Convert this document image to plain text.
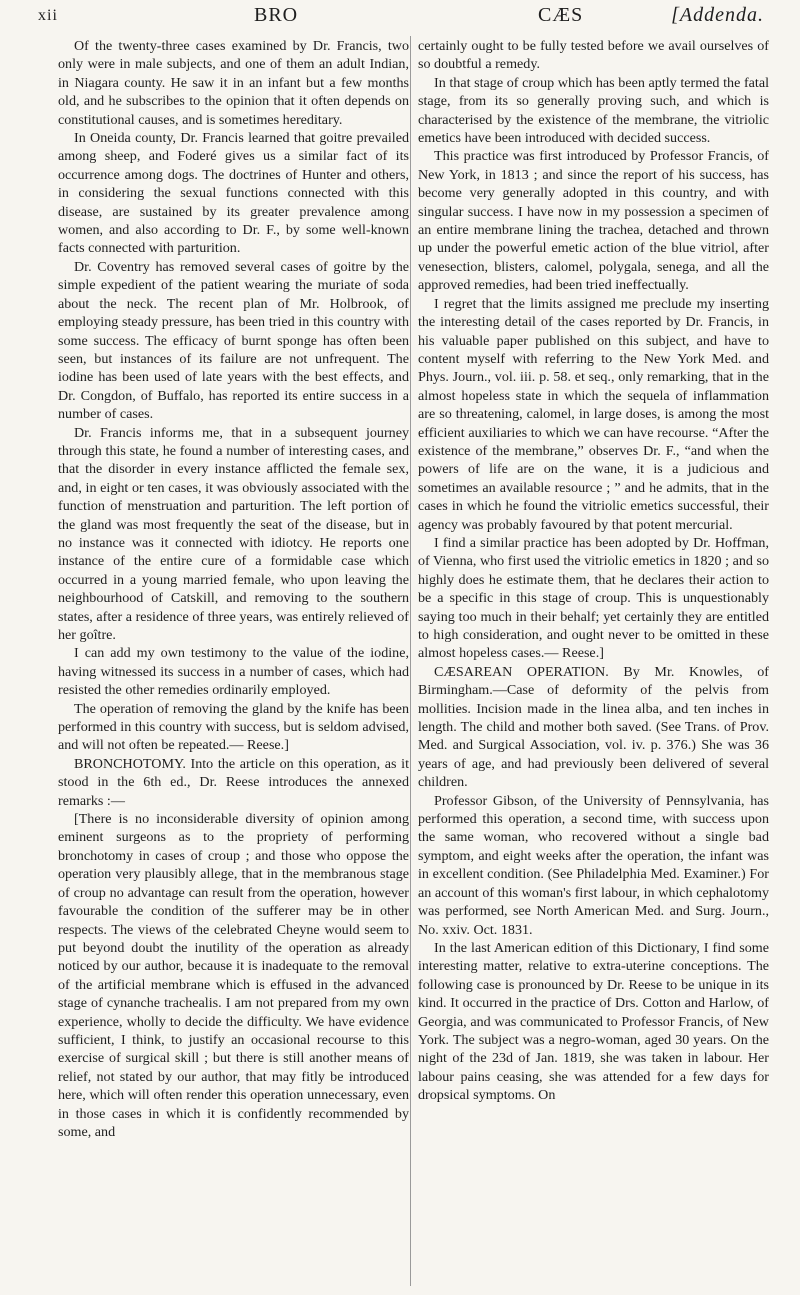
xii	BRO	CÆS	[Addenda.

Of the twenty-three cases examined by Dr. Francis, two only were in male subjects, and one of them an adult Indian, in Niagara county. He saw it in an infant but a few months old, and he subscribes to the opinion that it often depends on constitutional causes, and is sometimes hereditary.

In Oneida county, Dr. Francis learned that goitre prevailed among sheep, and Foderé gives us a similar fact of its occurrence among dogs. The doctrines of Hunter and others, in considering the sexual functions connected with this disease, are sustained by its greater prevalence among women, and also according to Dr. F., by some well-known facts connected with parturition.

Dr. Coventry has removed several cases of goitre by the simple expedient of the patient wearing the muriate of soda about the neck. The recent plan of Mr. Holbrook, of employing steady pressure, has been tried in this country with some success. The efficacy of burnt sponge has often been seen, but instances of its failure are not unfrequent. The iodine has been used of late years with the best effects, and Dr. Congdon, of Buffalo, has reported its entire success in a number of cases.

Dr. Francis informs me, that in a subsequent journey through this state, he found a number of interesting cases, and that the disorder in every instance afflicted the female sex, and, in eight or ten cases, it was obviously associated with the function of menstruation and parturition. The left portion of the gland was most frequently the seat of the disease, but in no instance was it connected with idiotcy. He reports one instance of the entire cure of a formidable case which occurred in a young married female, who upon leaving the neighbourhood of Catskill, and removing to the southern states, after a residence of three years, was entirely relieved of her goître.

I can add my own testimony to the value of the iodine, having witnessed its success in a number of cases, which had resisted the other remedies ordinarily employed.

The operation of removing the gland by the knife has been performed in this country with success, but is seldom advised, and will not often be repeated.— Reese.]

BRONCHOTOMY. Into the article on this operation, as it stood in the 6th ed., Dr. Reese introduces the annexed remarks :—

[There is no inconsiderable diversity of opinion among eminent surgeons as to the propriety of performing bronchotomy in cases of croup ; and those who oppose the operation very plausibly allege, that in the membranous stage of croup no advantage can result from the operation, however favourable the condition of the sufferer may be in other respects. The views of the celebrated Cheyne would seem to put beyond doubt the inutility of the operation as already noticed by our author, because it is inadequate to the removal of the artificial membrane which is effused in the advanced stage of cynanche trachealis. I am not prepared from my own experience, wholly to decide the difficulty. We have evidence sufficient, I think, to justify an occasional recourse to this exercise of surgical skill ; but there is still another means of relief, not stated by our author, that may fitly be introduced here, which will often render this operation unnecessary, even in those cases in which it is confidently recommended by some, and

certainly ought to be fully tested before we avail ourselves of so doubtful a remedy.

In that stage of croup which has been aptly termed the fatal stage, from its so generally proving such, and which is characterised by the existence of the membrane, the vitriolic emetics have been introduced with decided success.

This practice was first introduced by Professor Francis, of New York, in 1813 ; and since the report of his success, has become very generally adopted in this country, and with singular success. I have now in my possession a specimen of an entire membrane lining the trachea, detached and thrown up under the powerful emetic action of the blue vitriol, after venesection, blisters, calomel, polygala, senega, and all the approved remedies, had been tried ineffectually.

I regret that the limits assigned me preclude my inserting the interesting detail of the cases reported by Dr. Francis, in his valuable paper published on this subject, and have to content myself with referring to the New York Med. and Phys. Journ., vol. iii. p. 58. et seq., only remarking, that in the almost hopeless state in which the sequela of inflammation are so threatening, calomel, in large doses, is among the most efficient auxiliaries to which we can have recourse. “After the existence of the membrane,” observes Dr. F., “and when the powers of life are on the wane, it is a judicious and sometimes an available resource ; ” and he admits, that in the cases in which he found the vitriolic emetics successful, their agency was probably favoured by that potent mercurial.

I find a similar practice has been adopted by Dr. Hoffman, of Vienna, who first used the vitriolic emetics in 1820 ; and so highly does he estimate them, that he declares their action to be a specific in this stage of croup. This is unquestionably saying too much in their behalf; yet certainly they are entitled to high consideration, and ought never to be omitted in these almost hopeless cases.— Reese.]

CÆSAREAN OPERATION. By Mr. Knowles, of Birmingham.—Case of deformity of the pelvis from mollities. Incision made in the linea alba, and ten inches in length. The child and mother both saved. (See Trans. of Prov. Med. and Surgical Association, vol. iv. p. 376.) She was 36 years of age, and had previously been delivered of several children.

Professor Gibson, of the University of Pennsylvania, has performed this operation, a second time, with success upon the same woman, who recovered without a single bad symptom, and eight weeks after the operation, the infant was in excellent condition. (See Philadelphia Med. Examiner.) For an account of this woman's first labour, in which cephalotomy was performed, see North American Med. and Surg. Journ., No. xxiv. Oct. 1831.

In the last American edition of this Dictionary, I find some interesting matter, relative to extra-uterine conceptions. The following case is pronounced by Dr. Reese to be unique in its kind. It occurred in the practice of Drs. Cotton and Harlow, of Georgia, and was communicated to Professor Francis, of New York. The subject was a negro-woman, aged 30 years. On the night of the 23d of Jan. 1819, she was taken in labour. Her labour pains ceasing, she was attended for a few days for dropsical symptoms. On
